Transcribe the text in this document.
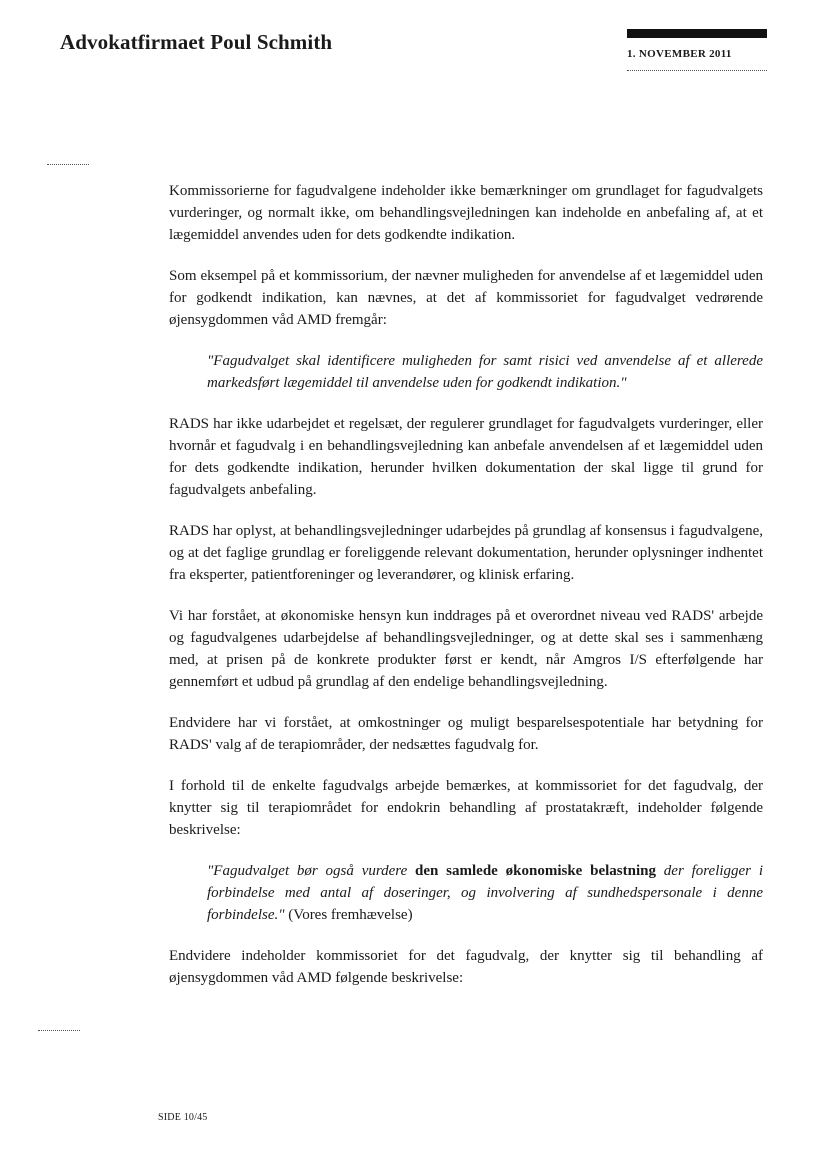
Advokatfirmaet Poul Schmith	1. NOVEMBER 2011

Kommissorierne for fagudvalgene indeholder ikke bemærkninger om grundlaget for fagudvalgets vurderinger, og normalt ikke, om behandlingsvejledningen kan indeholde en anbefaling af, at et lægemiddel anvendes uden for dets godkendte indikation.

Som eksempel på et kommissorium, der nævner muligheden for anvendelse af et lægemiddel uden for godkendt indikation, kan nævnes, at det af kommissoriet for fagudvalget vedrørende øjensygdommen våd AMD fremgår:

"Fagudvalget skal identificere muligheden for samt risici ved anvendelse af et allerede markedsført lægemiddel til anvendelse uden for godkendt indikation."

RADS har ikke udarbejdet et regelsæt, der regulerer grundlaget for fagudvalgets vurderinger, eller hvornår et fagudvalg i en behandlingsvejledning kan anbefale anvendelsen af et lægemiddel uden for dets godkendte indikation, herunder hvilken dokumentation der skal ligge til grund for fagudvalgets anbefaling.

RADS har oplyst, at behandlingsvejledninger udarbejdes på grundlag af konsensus i fagudvalgene, og at det faglige grundlag er foreliggende relevant dokumentation, herunder oplysninger indhentet fra eksperter, patientforeninger og leverandører, og klinisk erfaring.

Vi har forstået, at økonomiske hensyn kun inddrages på et overordnet niveau ved RADS' arbejde og fagudvalgenes udarbejdelse af behandlingsvejledninger, og at dette skal ses i sammenhæng med, at prisen på de konkrete produkter først er kendt, når Amgros I/S efterfølgende har gennemført et udbud på grundlag af den endelige behandlingsvejledning.

Endvidere har vi forstået, at omkostninger og muligt besparelsespotentiale har betydning for RADS' valg af de terapiområder, der nedsættes fagudvalg for.

I forhold til de enkelte fagudvalgs arbejde bemærkes, at kommissoriet for det fagudvalg, der knytter sig til terapiområdet for endokrin behandling af prostatakræft, indeholder følgende beskrivelse:

"Fagudvalget bør også vurdere den samlede økonomiske belastning der foreligger i forbindelse med antal af doseringer, og involvering af sundhedspersonale i denne forbindelse." (Vores fremhævelse)

Endvidere indeholder kommissoriet for det fagudvalg, der knytter sig til behandling af øjensygdommen våd AMD følgende beskrivelse:

SIDE 10/45
